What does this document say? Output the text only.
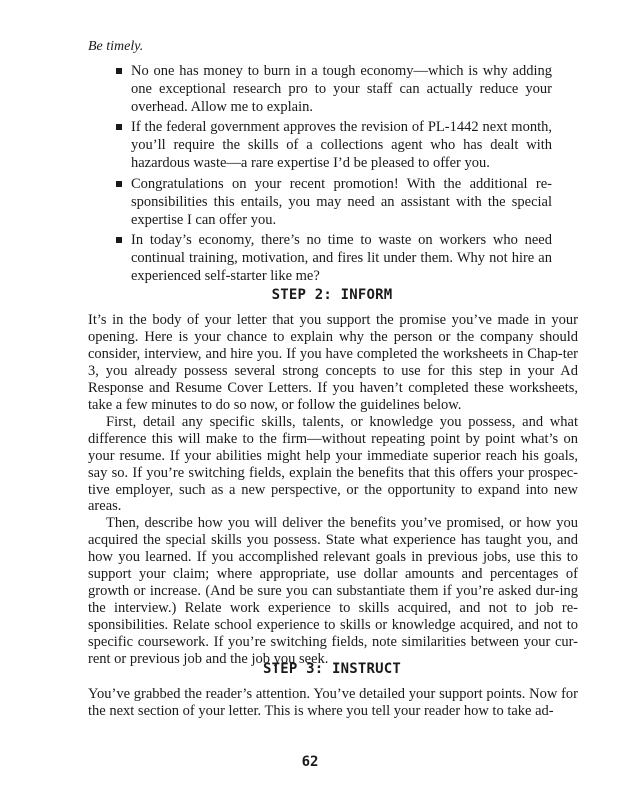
Be timely.
No one has money to burn in a tough economy—which is why adding one exceptional research pro to your staff can actually reduce your overhead. Allow me to explain.
If the federal government approves the revision of PL-1442 next month, you’ll require the skills of a collections agent who has dealt with hazardous waste—a rare expertise I’d be pleased to offer you.
Congratulations on your recent promotion! With the additional re-sponsibilities this entails, you may need an assistant with the special expertise I can offer you.
In today’s economy, there’s no time to waste on workers who need continual training, motivation, and fires lit under them. Why not hire an experienced self-starter like me?
STEP 2: INFORM

It’s in the body of your letter that you support the promise you’ve made in your opening. Here is your chance to explain why the person or the company should consider, interview, and hire you. If you have completed the worksheets in Chap-ter 3, you already possess several strong concepts to use for this step in your Ad Response and Resume Cover Letters. If you haven’t completed these worksheets, take a few minutes to do so now, or follow the guidelines below.

First, detail any specific skills, talents, or knowledge you possess, and what difference this will make to the firm—without repeating point by point what’s on your resume. If your abilities might help your immediate superior reach his goals, say so. If you’re switching fields, explain the benefits that this offers your prospec-tive employer, such as a new perspective, or the opportunity to expand into new areas.

Then, describe how you will deliver the benefits you’ve promised, or how you acquired the special skills you possess. State what experience has taught you, and how you learned. If you accomplished relevant goals in previous jobs, use this to support your claim; where appropriate, use dollar amounts and percentages of growth or increase. (And be sure you can substantiate them if you’re asked dur-ing the interview.) Relate work experience to skills acquired, and not to job re-sponsibilities. Relate school experience to skills or knowledge acquired, and not to specific coursework. If you’re switching fields, note similarities between your cur-rent or previous job and the job you seek.

STEP 3: INSTRUCT

You’ve grabbed the reader’s attention. You’ve detailed your support points. Now for the next section of your letter. This is where you tell your reader how to take ad-

62
